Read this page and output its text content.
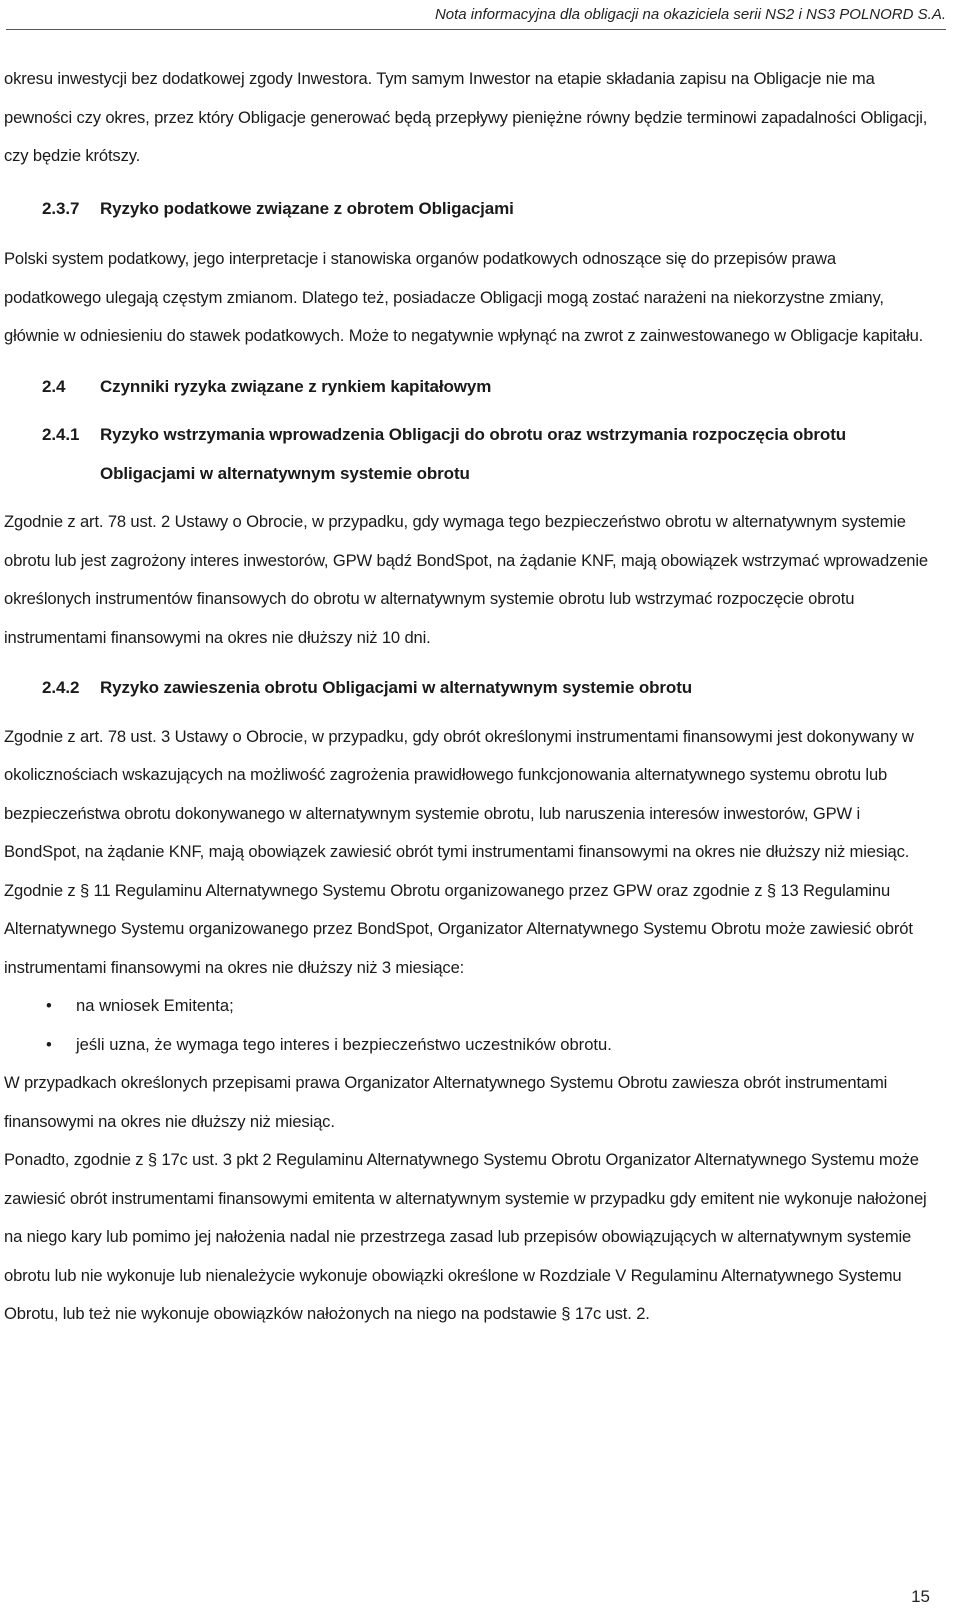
Nota informacyjna dla obligacji na okaziciela serii NS2 i NS3 POLNORD S.A.

okresu inwestycji bez dodatkowej zgody Inwestora. Tym samym Inwestor na etapie składania zapisu na Obligacje nie ma pewności czy okres, przez który Obligacje generować będą przepływy pieniężne równy będzie terminowi zapadalności Obligacji, czy będzie krótszy.

2.3.7	Ryzyko podatkowe związane z obrotem Obligacjami

Polski system podatkowy, jego interpretacje i stanowiska organów podatkowych odnoszące się do przepisów prawa podatkowego ulegają częstym zmianom. Dlatego też, posiadacze Obligacji mogą zostać narażeni na niekorzystne zmiany, głównie w odniesieniu do stawek podatkowych. Może to negatywnie wpłynąć na zwrot z zainwestowanego w Obligacje kapitału.

2.4	Czynniki ryzyka związane z rynkiem kapitałowym
2.4.1	Ryzyko wstrzymania wprowadzenia Obligacji do obrotu oraz wstrzymania rozpoczęcia obrotu Obligacjami w alternatywnym systemie obrotu

Zgodnie z art. 78 ust. 2 Ustawy o Obrocie, w przypadku, gdy wymaga tego bezpieczeństwo obrotu w alternatywnym systemie obrotu lub jest zagrożony interes inwestorów, GPW bądź BondSpot, na żądanie KNF, mają obowiązek wstrzymać wprowadzenie określonych instrumentów finansowych do obrotu w alternatywnym systemie obrotu lub wstrzymać rozpoczęcie obrotu instrumentami finansowymi na okres nie dłuższy niż 10 dni.

2.4.2	Ryzyko zawieszenia obrotu Obligacjami w alternatywnym systemie obrotu

Zgodnie z art. 78 ust. 3 Ustawy o Obrocie, w przypadku, gdy obrót określonymi instrumentami finansowymi jest dokonywany w okolicznościach wskazujących na możliwość zagrożenia prawidłowego funkcjonowania alternatywnego systemu obrotu lub bezpieczeństwa obrotu dokonywanego w alternatywnym systemie obrotu, lub naruszenia interesów inwestorów, GPW i BondSpot, na żądanie KNF, mają obowiązek zawiesić obrót tymi instrumentami finansowymi na okres nie dłuższy niż miesiąc.

Zgodnie z § 11 Regulaminu Alternatywnego Systemu Obrotu organizowanego przez GPW oraz zgodnie z § 13 Regulaminu Alternatywnego Systemu organizowanego przez BondSpot, Organizator Alternatywnego Systemu Obrotu może zawiesić obrót instrumentami finansowymi na okres nie dłuższy niż 3 miesiące:

•	na wniosek Emitenta;
•	jeśli uzna, że wymaga tego interes i bezpieczeństwo uczestników obrotu.

W przypadkach określonych przepisami prawa Organizator Alternatywnego Systemu Obrotu zawiesza obrót instrumentami finansowymi na okres nie dłuższy niż miesiąc.

Ponadto, zgodnie z § 17c ust. 3 pkt 2 Regulaminu Alternatywnego Systemu Obrotu Organizator Alternatywnego Systemu może zawiesić obrót instrumentami finansowymi emitenta w alternatywnym systemie w przypadku gdy emitent nie wykonuje nałożonej na niego kary lub pomimo jej nałożenia nadal nie przestrzega zasad lub przepisów obowiązujących w alternatywnym systemie obrotu lub nie wykonuje lub nienależycie wykonuje obowiązki określone w Rozdziale V Regulaminu Alternatywnego Systemu Obrotu, lub też nie wykonuje obowiązków nałożonych na niego na podstawie § 17c ust. 2.

15
